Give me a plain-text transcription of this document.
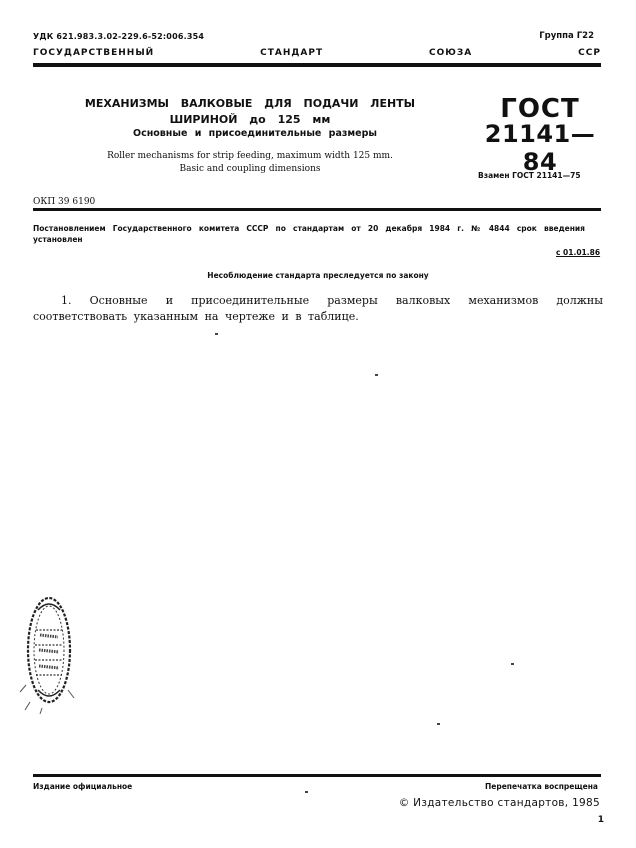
УДК 621.983.3.02-229.6-52:006.354	Группа Г22
ГОСУДАРСТВЕННЫЙ	СТАНДАРТ	СОЮЗА	ССР
МЕХАНИЗМЫ ВАЛКОВЫЕ ДЛЯ ПОДАЧИ ЛЕНТЫ
ШИРИНОЙ до 125 мм
Основные и присоединительные размеры
Roller mechanisms for strip feeding, maximum width 125 mm.
Basic and coupling dimensions
ГОСТ
21141—84
Взамен ГОСТ 21141—75
ОКП 39 6190
Постановлением Государственного комитета СССР по стандартам от 20 декабря 1984 г. № 4844 срок введения
установлен
с 01.01.86
Несоблюдение стандарта преследуется по закону
1. Основные и присоединительные размеры валковых механизмов должны соответствовать указанным на чертеже и в таблице.
Издание официальное	Перепечатка воспрещена
© Издательство стандартов, 1985
1
